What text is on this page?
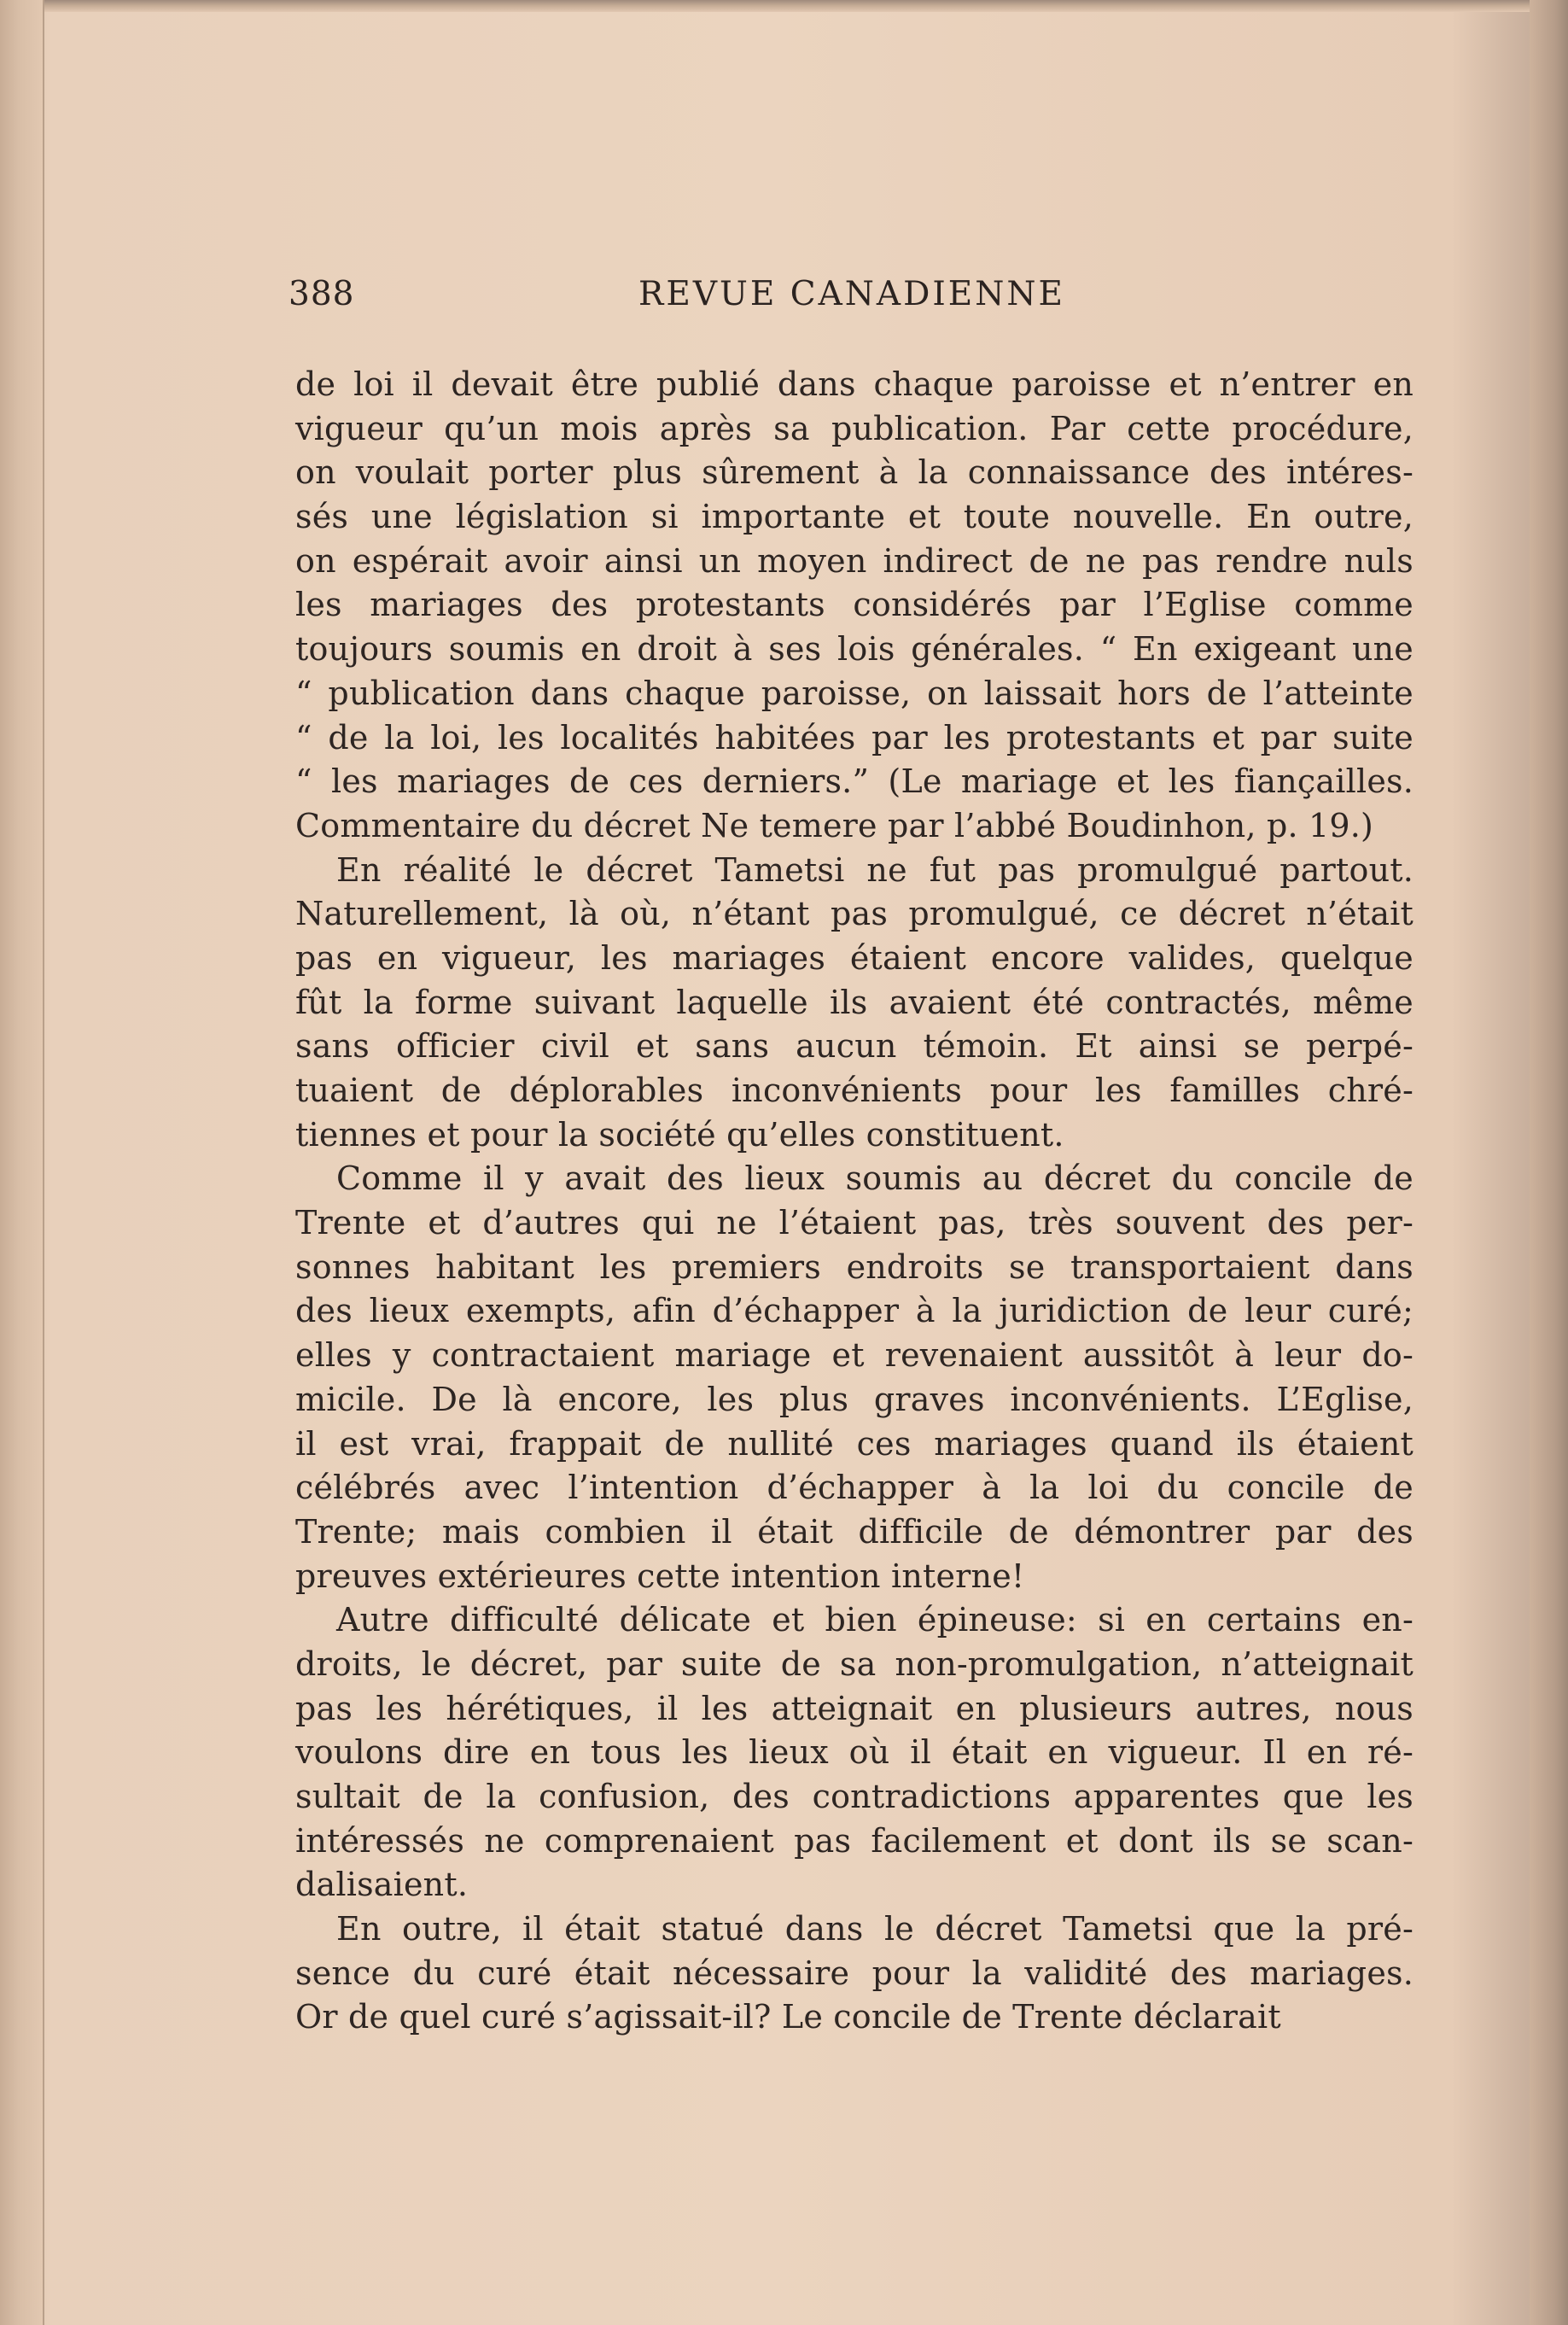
388	REVUE CANADIENNE
de loi il devait être publié dans chaque paroisse et n’entrer en
vigueur qu’un mois après sa publication. Par cette procédure,
on voulait porter plus sûrement à la connaissance des intéres-
sés une législation si importante et toute nouvelle. En outre,
on espérait avoir ainsi un moyen indirect de ne pas rendre nuls
les mariages des protestants considérés par l’Eglise comme
toujours soumis en droit à ses lois générales. “ En exigeant une
“ publication dans chaque paroisse, on laissait hors de l’atteinte
“ de la loi, les localités habitées par les protestants et par suite
“ les mariages de ces derniers.” (Le mariage et les fiançailles.
Commentaire du décret Ne temere par l’abbé Boudinhon, p. 19.)
En réalité le décret Tametsi ne fut pas promulgué partout.
Naturellement, là où, n’étant pas promulgué, ce décret n’était
pas en vigueur, les mariages étaient encore valides, quelque
fût la forme suivant laquelle ils avaient été contractés, même
sans officier civil et sans aucun témoin. Et ainsi se perpé-
tuaient de déplorables inconvénients pour les familles chré-
tiennes et pour la société qu’elles constituent.
Comme il y avait des lieux soumis au décret du concile de
Trente et d’autres qui ne l’étaient pas, très souvent des per-
sonnes habitant les premiers endroits se transportaient dans
des lieux exempts, afin d’échapper à la juridiction de leur curé;
elles y contractaient mariage et revenaient aussitôt à leur do-
micile. De là encore, les plus graves inconvénients. L’Eglise,
il est vrai, frappait de nullité ces mariages quand ils étaient
célébrés avec l’intention d’échapper à la loi du concile de
Trente; mais combien il était difficile de démontrer par des
preuves extérieures cette intention interne!
Autre difficulté délicate et bien épineuse: si en certains en-
droits, le décret, par suite de sa non-promulgation, n’atteignait
pas les hérétiques, il les atteignait en plusieurs autres, nous
voulons dire en tous les lieux où il était en vigueur. Il en ré-
sultait de la confusion, des contradictions apparentes que les
intéressés ne comprenaient pas facilement et dont ils se scan-
dalisaient.
En outre, il était statué dans le décret Tametsi que la pré-
sence du curé était nécessaire pour la validité des mariages.
Or de quel curé s’agissait-il? Le concile de Trente déclarait
